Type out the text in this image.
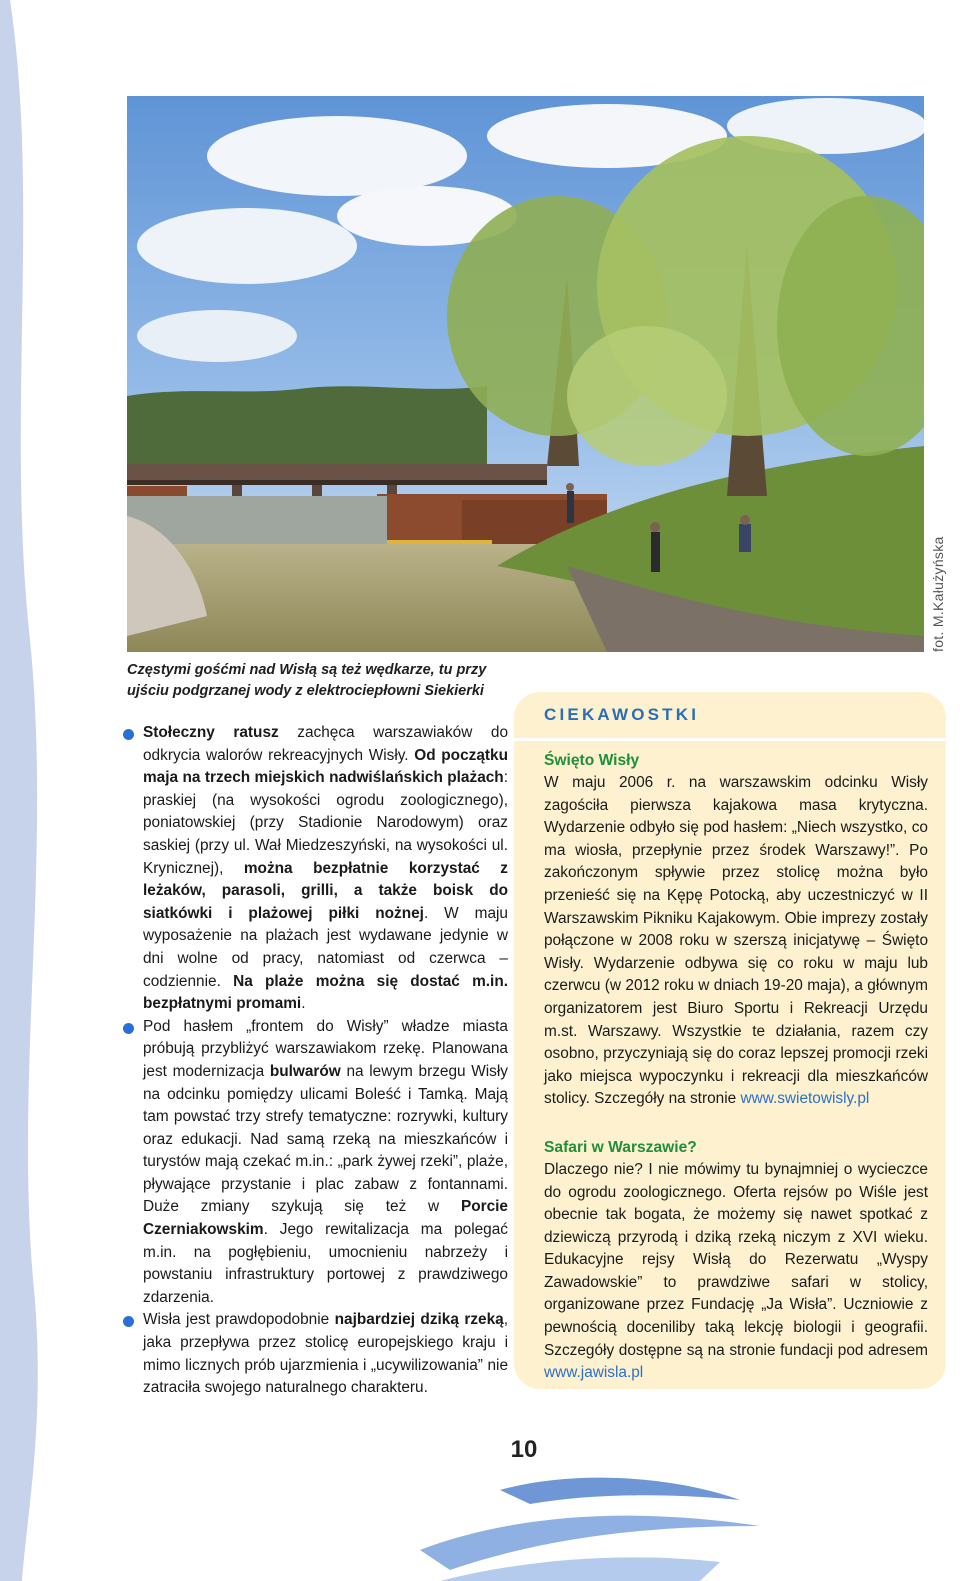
fot. M.Kałużyńska
Częstymi gośćmi nad Wisłą są też wędkarze, tu przy ujściu podgrzanej wody z elektrociepłowni Siekierki

Stołeczny ratusz zachęca warszawiaków do odkrycia walorów rekreacyjnych Wisły. Od początku maja na trzech miejskich nadwiślańskich plażach: praskiej (na wysokości ogrodu zoologicznego), poniatowskiej (przy Stadionie Narodowym) oraz saskiej (przy ul. Wał Miedzeszyński, na wysokości ul. Krynicznej), można bezpłatnie korzystać z leżaków, parasoli, grilli, a także boisk do siatkówki i plażowej piłki nożnej. W maju wyposażenie na plażach jest wydawane jedynie w dni wolne od pracy, natomiast od czerwca – codziennie. Na plaże można się dostać m.in. bezpłatnymi promami.

Pod hasłem „frontem do Wisły” władze miasta próbują przybliżyć warszawiakom rzekę. Planowana jest modernizacja bulwarów na lewym brzegu Wisły na odcinku pomiędzy ulicami Boleść i Tamką. Mają tam powstać trzy strefy tematyczne: rozrywki, kultury oraz edukacji. Nad samą rzeką na mieszkańców i turystów mają czekać m.in.: „park żywej rzeki”, plaże, pływające przystanie i plac zabaw z fontannami. Duże zmiany szykują się też w Porcie Czerniakowskim. Jego rewitalizacja ma polegać m.in. na pogłębieniu, umocnieniu nabrzeży i powstaniu infrastruktury portowej z prawdziwego zdarzenia.

Wisła jest prawdopodobnie najbardziej dziką rzeką, jaka przepływa przez stolicę europejskiego kraju i mimo licznych prób ujarzmienia i „ucywilizowania” nie zatraciła swojego naturalnego charakteru.

CIEKAWOSTKI
Święto Wisły

W maju 2006 r. na warszawskim odcinku Wisły zagościła pierwsza kajakowa masa krytyczna. Wydarzenie odbyło się pod hasłem: „Niech wszystko, co ma wiosła, przepłynie przez środek Warszawy!”. Po zakończonym spływie przez stolicę można było przenieść się na Kępę Potocką, aby uczestniczyć w II Warszawskim Pikniku Kajakowym. Obie imprezy zostały połączone w 2008 roku w szerszą inicjatywę – Święto Wisły. Wydarzenie odbywa się co roku w maju lub czerwcu (w 2012 roku w dniach 19-20 maja), a głównym organizatorem jest Biuro Sportu i Rekreacji Urzędu m.st. Warszawy. Wszystkie te działania, razem czy osobno, przyczyniają się do coraz lepszej promocji rzeki jako miejsca wypoczynku i rekreacji dla mieszkańców stolicy. Szczegóły na stronie www.swietowisly.pl

Safari w Warszawie?

Dlaczego nie? I nie mówimy tu bynajmniej o wycieczce do ogrodu zoologicznego. Oferta rejsów po Wiśle jest obecnie tak bogata, że możemy się nawet spotkać z dziewiczą przyrodą i dziką rzeką niczym z XVI wieku. Edukacyjne rejsy Wisłą do Rezerwatu „Wyspy Zawadowskie” to prawdziwe safari w stolicy, organizowane przez Fundację „Ja Wisła”. Uczniowie z pewnością doceniliby taką lekcję biologii i geografii. Szczegóły dostępne są na stronie fundacji pod adresem www.jawisla.pl

10
